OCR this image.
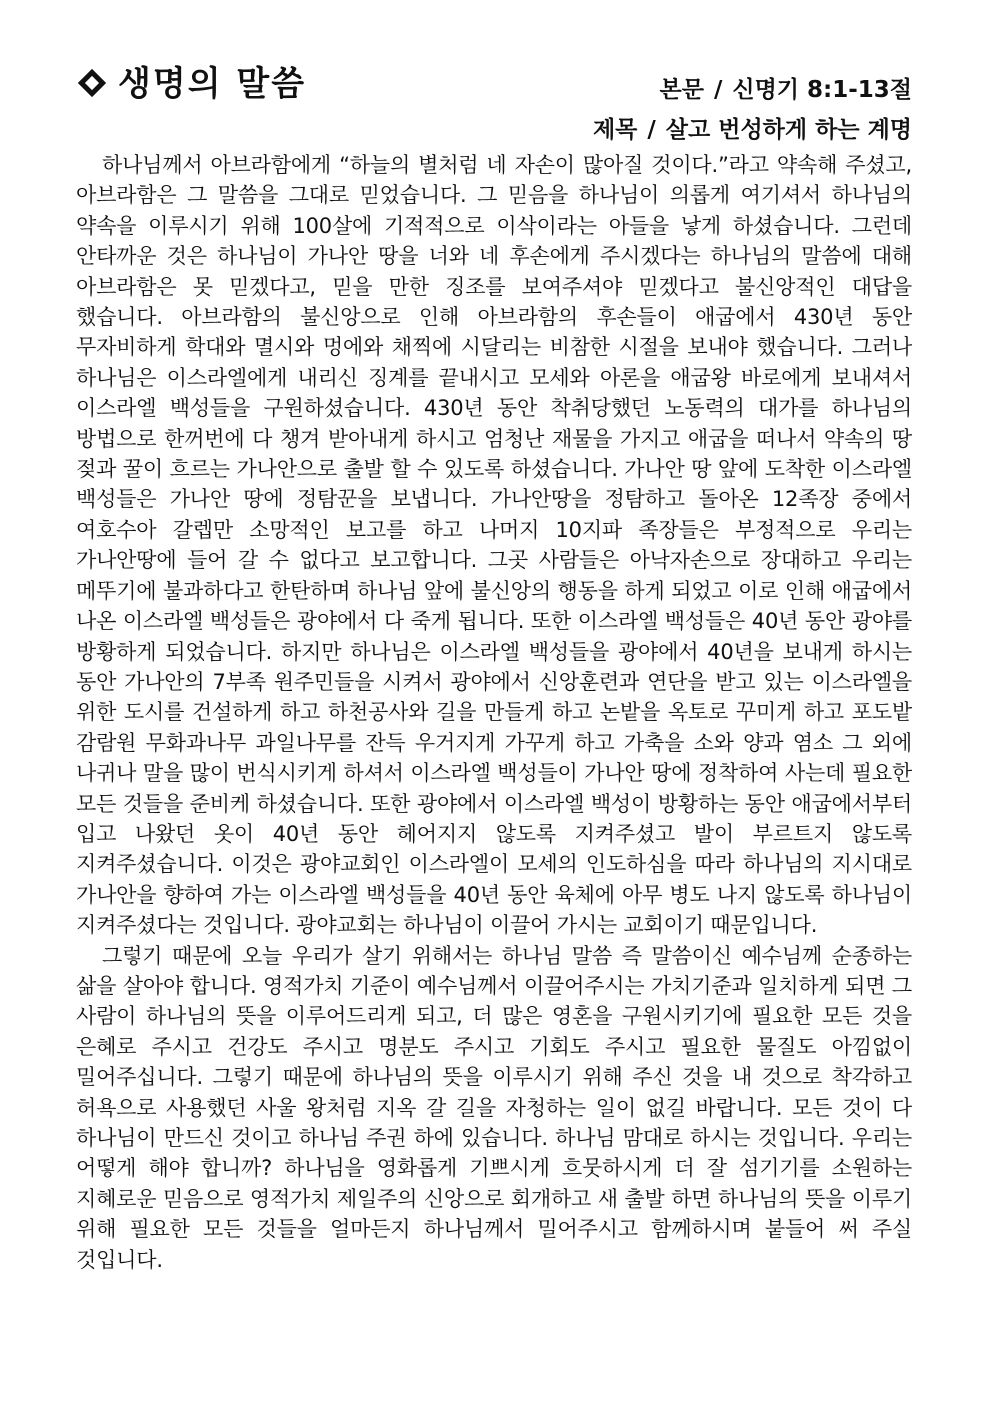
생명의 말씀	본문 / 신명기 8:1-13절
제목 / 살고 번성하게 하는 계명

하나님께서 아브라함에게 “하늘의 별처럼 네 자손이 많아질 것이다.”라고 약속해 주셨고, 아브라함은 그 말씀을 그대로 믿었습니다. 그 믿음을 하나님이 의롭게 여기셔서 하나님의 약속을 이루시기 위해 100살에 기적적으로 이삭이라는 아들을 낳게 하셨습니다. 그런데 안타까운 것은 하나님이 가나안 땅을 너와 네 후손에게 주시겠다는 하나님의 말씀에 대해 아브라함은 못 믿겠다고, 믿을 만한 징조를 보여주셔야 믿겠다고 불신앙적인 대답을 했습니다. 아브라함의 불신앙으로 인해 아브라함의 후손들이 애굽에서 430년 동안 무자비하게 학대와 멸시와 멍에와 채찍에 시달리는 비참한 시절을 보내야 했습니다. 그러나 하나님은 이스라엘에게 내리신 징계를 끝내시고 모세와 아론을 애굽왕 바로에게 보내셔서 이스라엘 백성들을 구원하셨습니다. 430년 동안 착취당했던 노동력의 대가를 하나님의 방법으로 한꺼번에 다 챙겨 받아내게 하시고 엄청난 재물을 가지고 애굽을 떠나서 약속의 땅 젖과 꿀이 흐르는 가나안으로 출발 할 수 있도록 하셨습니다. 가나안 땅 앞에 도착한 이스라엘 백성들은 가나안 땅에 정탐꾼을 보냅니다. 가나안땅을 정탐하고 돌아온 12족장 중에서 여호수아 갈렙만 소망적인 보고를 하고 나머지 10지파 족장들은 부정적으로 우리는 가나안땅에 들어 갈 수 없다고 보고합니다. 그곳 사람들은 아낙자손으로 장대하고 우리는 메뚜기에 불과하다고 한탄하며 하나님 앞에 불신앙의 행동을 하게 되었고 이로 인해 애굽에서 나온 이스라엘 백성들은 광야에서 다 죽게 됩니다. 또한 이스라엘 백성들은 40년 동안 광야를 방황하게 되었습니다. 하지만 하나님은 이스라엘 백성들을 광야에서 40년을 보내게 하시는 동안 가나안의 7부족 원주민들을 시켜서 광야에서 신앙훈련과 연단을 받고 있는 이스라엘을 위한 도시를 건설하게 하고 하천공사와 길을 만들게 하고 논밭을 옥토로 꾸미게 하고 포도밭 감람원 무화과나무 과일나무를 잔득 우거지게 가꾸게 하고 가축을 소와 양과 염소 그 외에 나귀나 말을 많이 번식시키게 하셔서 이스라엘 백성들이 가나안 땅에 정착하여 사는데 필요한 모든 것들을 준비케 하셨습니다. 또한 광야에서 이스라엘 백성이 방황하는 동안 애굽에서부터 입고 나왔던 옷이 40년 동안 헤어지지 않도록 지켜주셨고 발이 부르트지 않도록 지켜주셨습니다. 이것은 광야교회인 이스라엘이 모세의 인도하심을 따라 하나님의 지시대로 가나안을 향하여 가는 이스라엘 백성들을 40년 동안 육체에 아무 병도 나지 않도록 하나님이 지켜주셨다는 것입니다. 광야교회는 하나님이 이끌어 가시는 교회이기 때문입니다.

그렇기 때문에 오늘 우리가 살기 위해서는 하나님 말씀 즉 말씀이신 예수님께 순종하는 삶을 살아야 합니다. 영적가치 기준이 예수님께서 이끌어주시는 가치기준과 일치하게 되면 그 사람이 하나님의 뜻을 이루어드리게 되고, 더 많은 영혼을 구원시키기에 필요한 모든 것을 은혜로 주시고 건강도 주시고 명분도 주시고 기회도 주시고 필요한 물질도 아낌없이 밀어주십니다. 그렇기 때문에 하나님의 뜻을 이루시기 위해 주신 것을 내 것으로 착각하고 허욕으로 사용했던 사울 왕처럼 지옥 갈 길을 자청하는 일이 없길 바랍니다. 모든 것이 다 하나님이 만드신 것이고 하나님 주권 하에 있습니다. 하나님 맘대로 하시는 것입니다. 우리는 어떻게 해야 합니까? 하나님을 영화롭게 기쁘시게 흐뭇하시게 더 잘 섬기기를 소원하는 지혜로운 믿음으로 영적가치 제일주의 신앙으로 회개하고 새 출발 하면 하나님의 뜻을 이루기 위해 필요한 모든 것들을 얼마든지 하나님께서 밀어주시고 함께하시며 붙들어 써 주실 것입니다.
